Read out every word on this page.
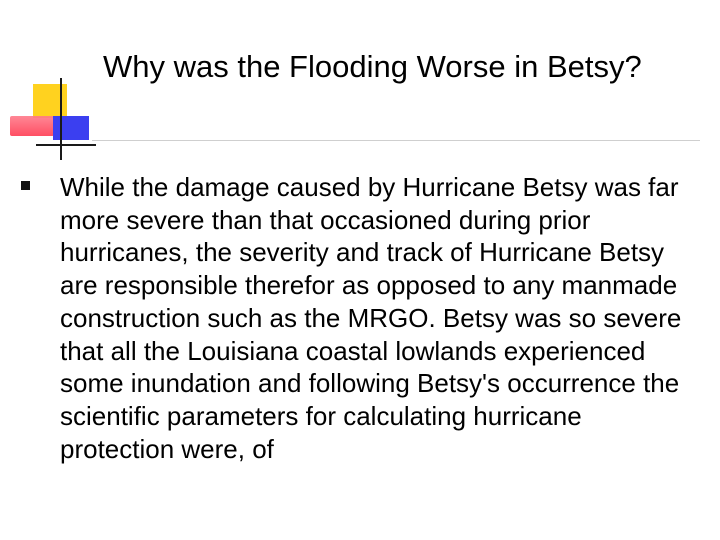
Why was the Flooding Worse in Betsy?

While the damage caused by Hurricane Betsy was far more severe than that occasioned during prior hurricanes, the severity and track of Hurricane Betsy are responsible therefor as opposed to any manmade construction such as the MRGO. Betsy was so severe that all the Louisiana coastal lowlands experienced some inundation and following Betsy's occurrence the scientific parameters for calculating hurricane protection were, of
